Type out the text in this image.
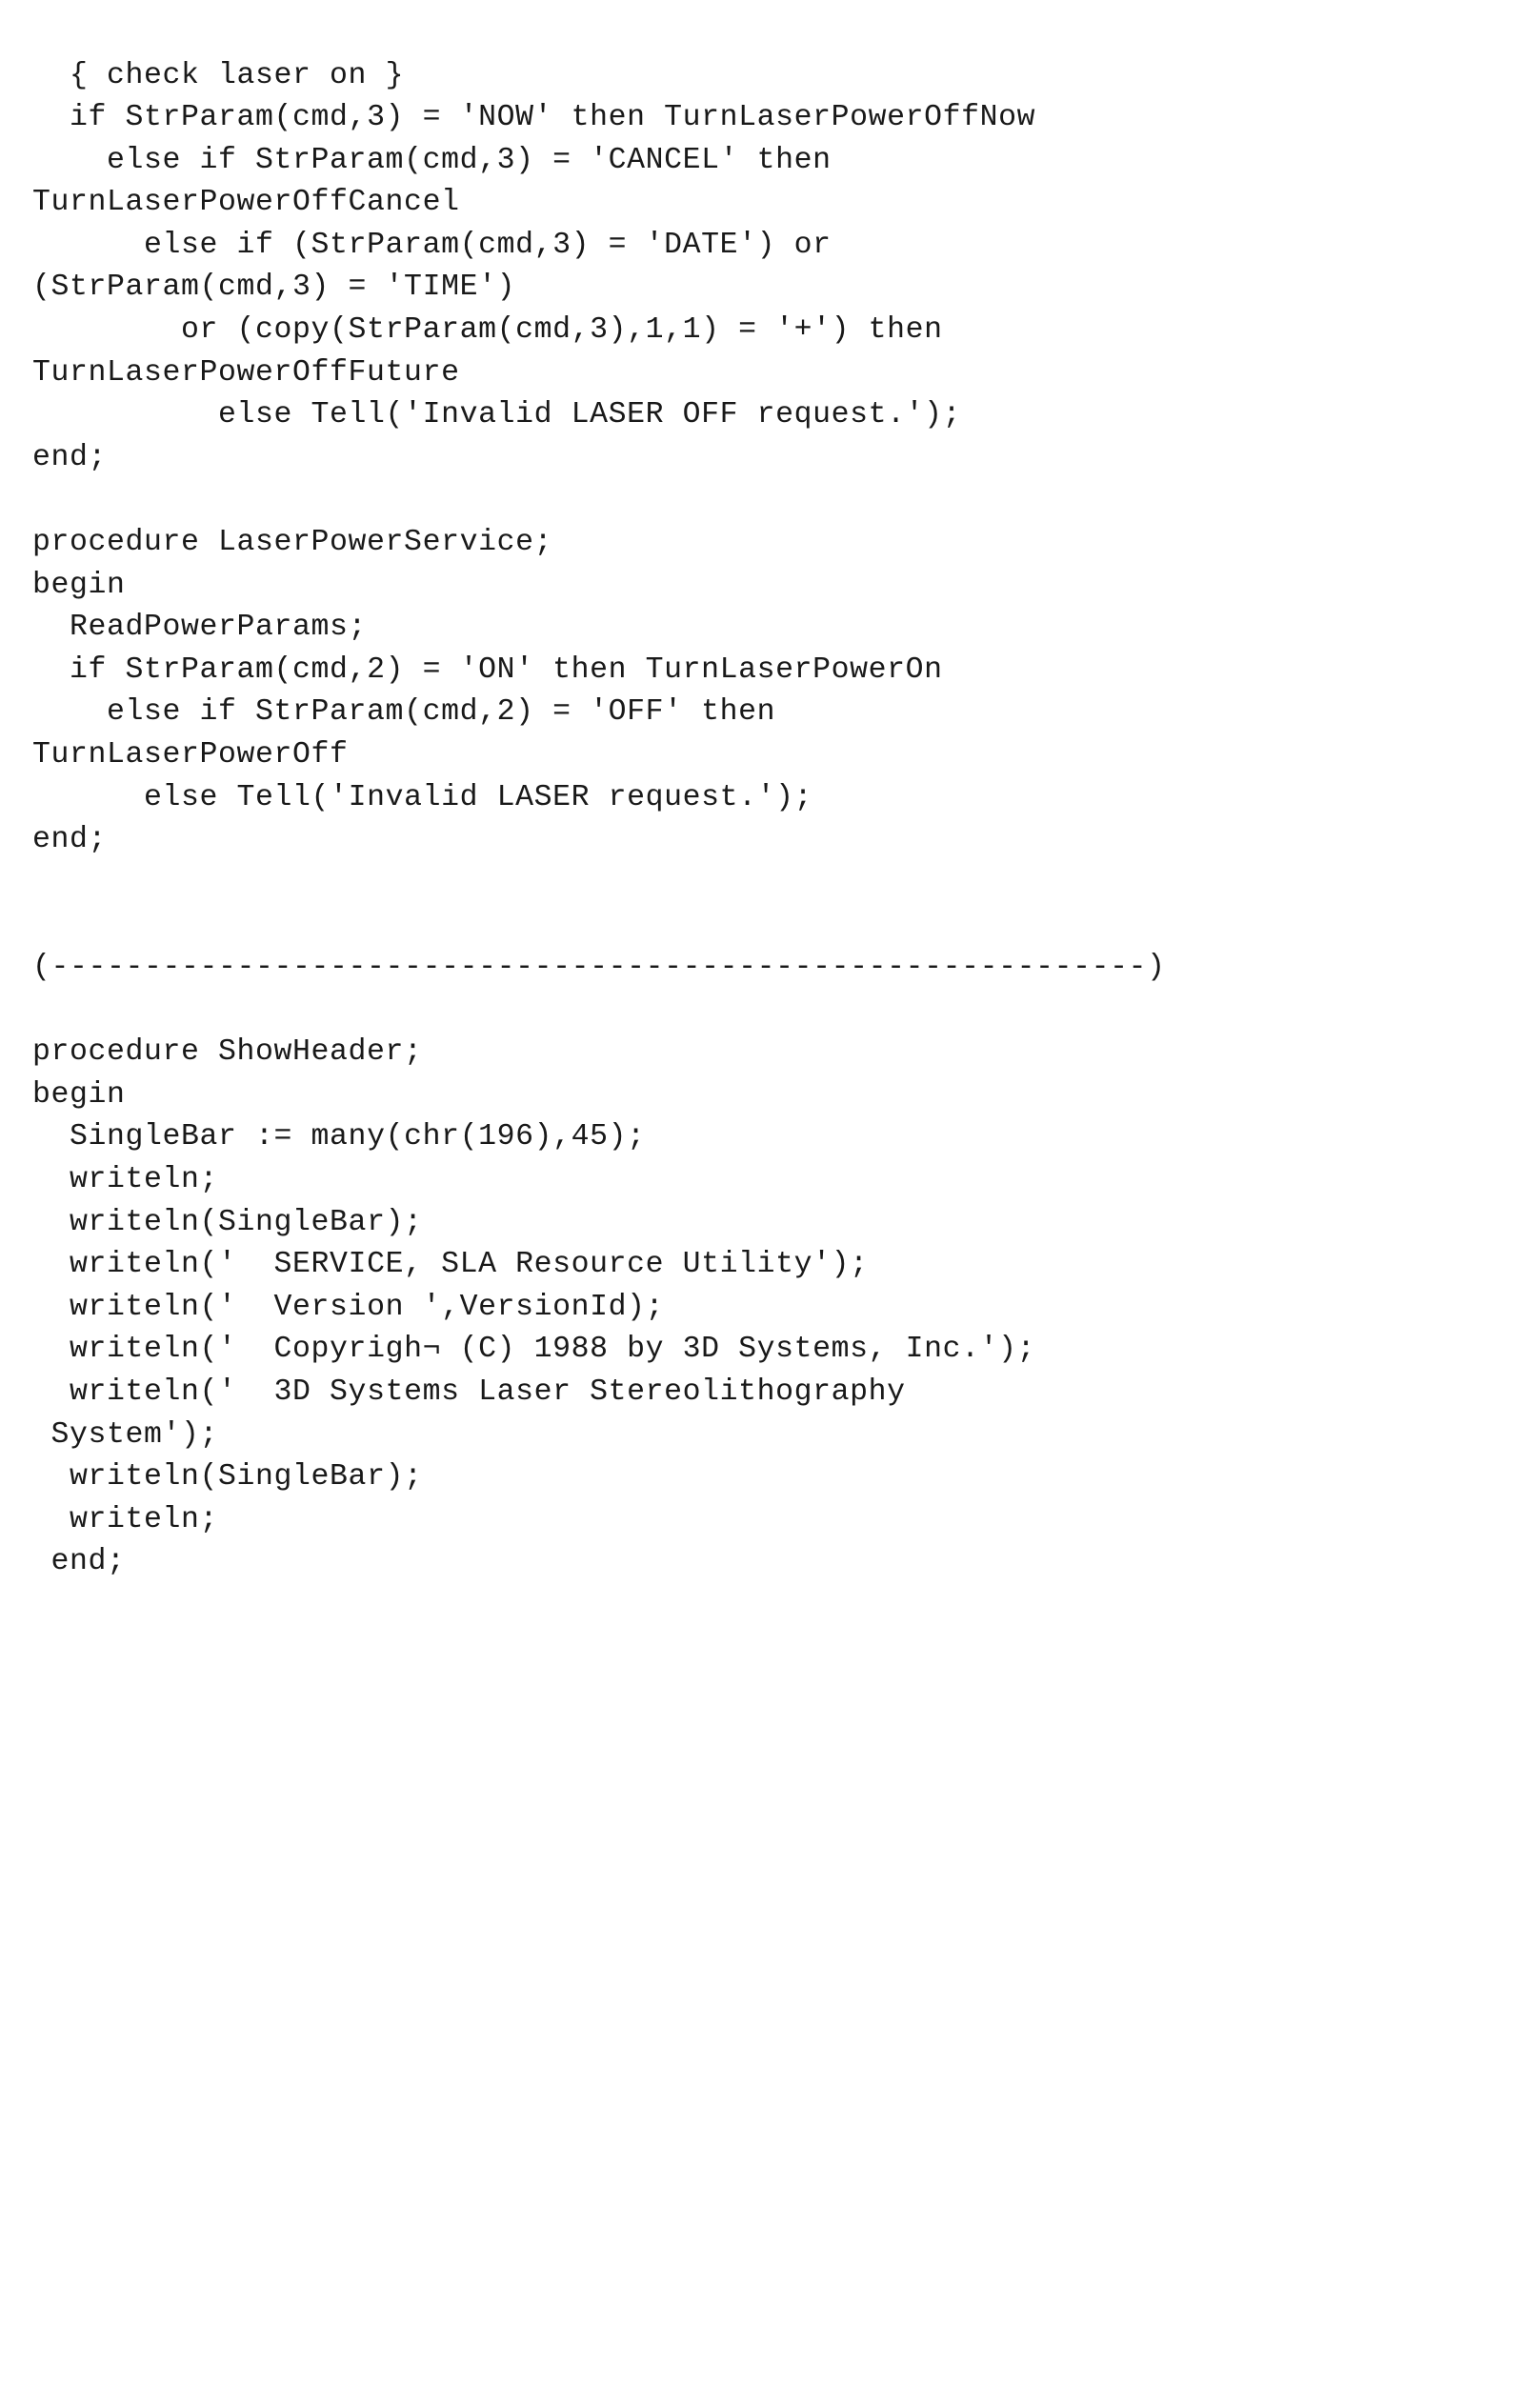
{ check laser on }
if StrParam(cmd,3) = 'NOW' then TurnLaserPowerOffNow
else if StrParam(cmd,3) = 'CANCEL' then
TurnLaserPowerOffCancel
else if (StrParam(cmd,3) = 'DATE') or
(StrParam(cmd,3) = 'TIME')
or (copy(StrParam(cmd,3),1,1) = '+') then
TurnLaserPowerOffFuture
else Tell('Invalid LASER OFF request.');
end;
procedure LaserPowerService;
begin
ReadPowerParams;
if StrParam(cmd,2) = 'ON' then TurnLaserPowerOn
else if StrParam(cmd,2) = 'OFF' then
TurnLaserPowerOff
else Tell('Invalid LASER request.');
end;
(-----------------------------------------------------------)
procedure ShowHeader;
begin
SingleBar := many(chr(196),45);
writeln;
writeln(SingleBar);
writeln('  SERVICE, SLA Resource Utility');
writeln('  Version ',VersionId);
writeln('  Copyrigh¬ (C) 1988 by 3D Systems, Inc.');
writeln('  3D Systems Laser Stereolithography
System');
writeln(SingleBar);
writeln;
end;
